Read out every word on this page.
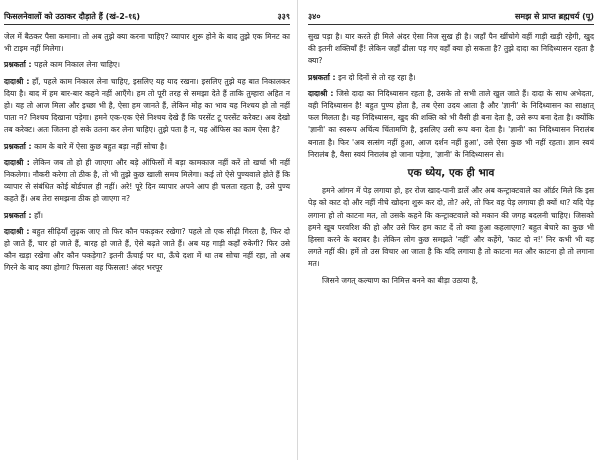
फिसलनेवालों को उठाकर दौड़ाते हैं (खं-2-१६)	३३९

जेल में बैठकर पैसा कमाना। तो अब तुझे क्या करना चाहिए? व्यापार शुरू होने के बाद तुझे एक मिनट का भी टाइम नहीं मिलेगा।

प्रश्नकर्ता : पहले काम निकाल लेना चाहिए।

दादाश्री : हाँ, पहले काम निकाल लेना चाहिए, इसलिए यह याद रखना। इसलिए तुझे यह बात निकालकर दिया है। बाद में हम बार-बार कहने नहीं आएँगे। हम तो पूरी तरह से समझा देते हैं ताकि तुम्हारा अहित न हो। यह तो आज मिला और इच्छा भी है, ऐसा हम जानते हैं, लेकिन मोह का भाव यह निश्चय हो तो नहीं पाता न? निश्चय दिखाना पड़ेगा। हमने एक-एक ऐसे निश्चय देखे हैं कि परसेंट टू परसेंट करेक्ट। अब देखो तब करेक्ट। अतः जितना हो सके उतना कर लेना चाहिए। तुझे पता है न, यह ऑफिस का काम ऐसा है?

प्रश्नकर्ता : काम के बारे में ऐसा कुछ बहुत बड़ा नहीं सोचा है।

दादाश्री : लेकिन जब तो हो ही जाएगा और बड़े ऑफिसों में बड़ा कामकाज नहीं करें तो खर्चा भी नहीं निकलेगा। नौकरी करेगा तो ठीक है, तो भी तुझे कुछ खाली समय मिलेगा। कई तो ऐसे पुण्यवाले होते हैं कि व्यापार से संबंधित कोई बोर्डपाल ही नहीं। अरे! पूरे दिन व्यापार अपने आप ही चलता रहता है, उसे पुण्य कहते हैं। अब तेरा समझना ठीक हो जाएगा न?

प्रश्नकर्ता : हाँ।

दादाश्री : बहुत सीढ़ियाँ लुढ़क जाए तो फिर कौन पकड़कर रखेगा? पहले तो एक सीढ़ी गिरता है, फिर दो हो जाते हैं, चार हो जाते हैं, बारह हो जाते हैं, ऐसे बढ़ते जाते हैं। अब यह गाड़ी कहाँ रुकेगी? फिर उसे कौन खड़ा रखेगा और कौन पकड़ेगा? इतनी ऊँचाई पर था, ऊँचे दशा में था तब सोचा नहीं रहा, तो अब गिरने के बाद क्या होगा? फिसला वह फिसला! अंदर भरपूर

३४०	समझ से प्राप्त ब्रह्मचर्य (पू)

सुख पड़ा है। यार करते ही मिले अंदर ऐसा निज सुख ही है। जहाँ पैन खींचोगे वहीं गाड़ी खड़ी रहेगी, खुद की इतनी शक्तियाँ हैं! लेकिन जहाँ ढीला पड़ गए वहाँ क्या हो सकता है? तुझे दादा का निदिध्यासन रहता है क्या?

प्रश्नकर्ता : इन दो दिनों से तो रह रहा है।

दादाश्री : जिसे दादा का निदिध्यासन रहता है, उसके तो सभी ताले खुल जाते हैं। दादा के साथ अभेदता, वही निदिध्यासन है! बहुत पुण्य होता है, तब ऐसा उदय आता है और 'ज्ञानी' के निदिध्यासन का साक्षात् फल मिलता है। यह निदिध्यासन, खुद की शक्ति को भी वैसी ही बना देता है, उसे रूप बना देता है। क्योंकि 'ज्ञानी' का स्वरूप अचिंत्य चिंतामणि है, इसलिए उसी रूप बना देता है। 'ज्ञानी' का निदिध्यासन निरालंब बनाता है। फिर 'अब सत्संग नहीं हुआ, आज दर्शन नहीं हुआ', उसे ऐसा कुछ भी नहीं रहता। ज्ञान स्वयं निरालंब है, वैसा स्वयं निरालंब हो जाना पड़ेगा, 'ज्ञानी' के निदिध्यासन से।

एक ध्येय, एक ही भाव

हमने आंगन में पेड़ लगाया हो, हर रोज खाद-पानी डालें और अब कन्ट्राक्टवाले का ऑर्डर मिले कि इस पेड़ को काट दो और नहीं नीचे खोदना शुरू कर दो, तो? अरे, तो फिर वह पेड़ लगाया ही क्यों था? यदि पेड़ लगाना हो तो काटना मत, तो उसके कहने कि कन्ट्राक्टवाले को मकान की जगह बदलनी चाहिए। जिसको हमने खूब परवरिश की हो और उसे फिर हम काट दें तो क्या हुआ कहलाएगा? बहुत बेचारे का कुछ भी हिस्सा करने के बराबर है। लेकिन लोग कुछ समझते 'नहीं' और कहेंगे, 'काट दो न!' निर कभी भी यह लगते नहीं की। हमें तो उस विचार आ जाता है कि यदि लगाया है तो काटना मत और काटना हो तो लगाना मत।

जिसने जगत् कल्याण का निमित्त बनने का बीड़ा उठाया है,
